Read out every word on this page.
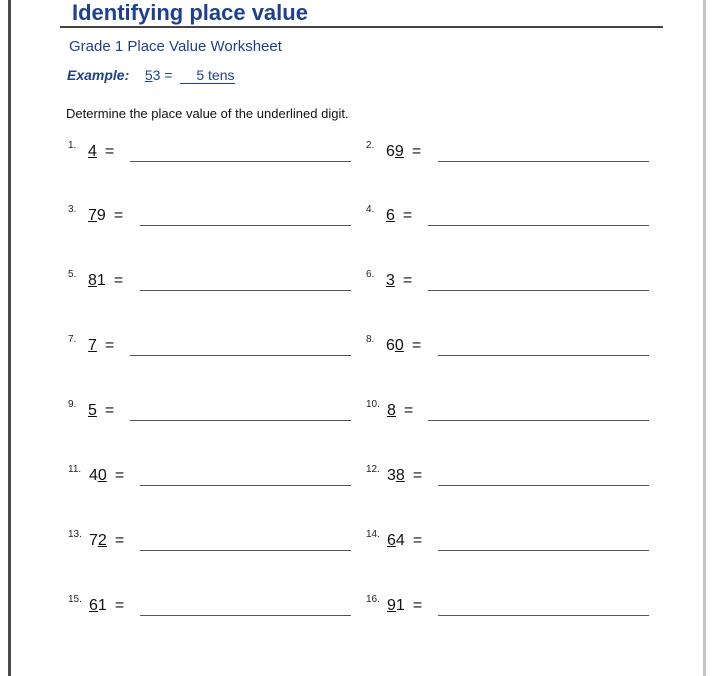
Identifying place value
Grade 1 Place Value Worksheet
Example: 53 = 5 tens
Determine the place value of the underlined digit.
1. 4 =	2. 69 =
3. 79 =	4. 6 =
5. 81 =	6. 3 =
7. 7 =	8. 60 =
9. 5 =	10. 8 =
11. 40 =	12. 38 =
13. 72 =	14. 64 =
15. 61 =	16. 91 =
